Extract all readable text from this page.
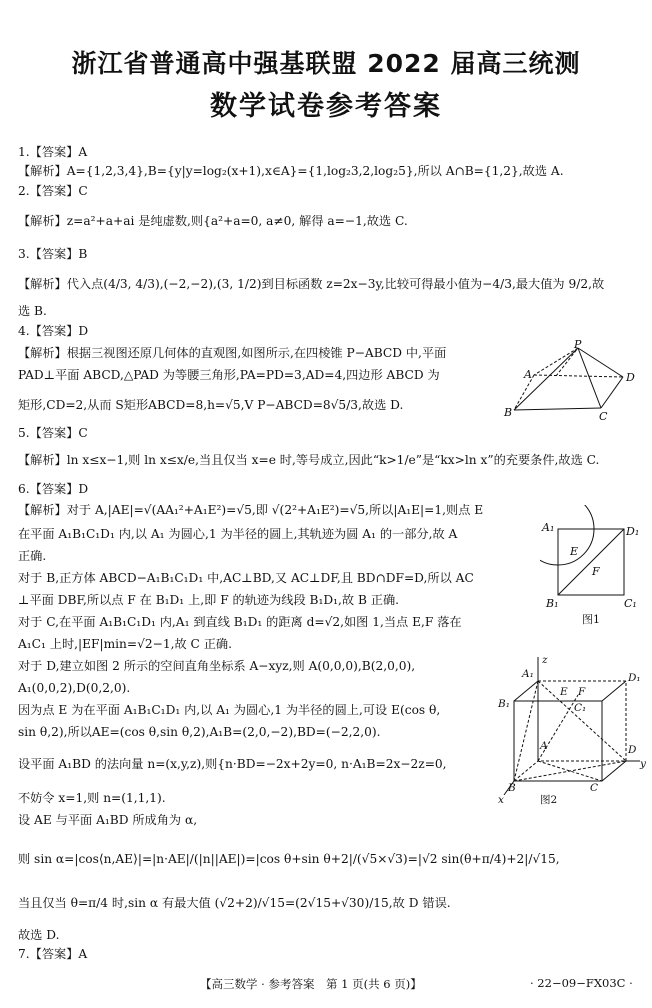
浙江省普通高中强基联盟 2022 届高三统测
数学试卷参考答案
1.【答案】A
【解析】A={1,2,3,4},B={y|y=log₂(x+1),x∈A}={1,log₂3,2,log₂5},所以 A∩B={1,2},故选 A.
2.【答案】C
【解析】z=a²+a+ai 是纯虚数,则{a²+a=0, a≠0, 解得 a=−1,故选 C.
3.【答案】B
【解析】代入点(4/3, 4/3),(−2,−2),(3, 1/2)到目标函数 z=2x−3y,比较可得最小值为−4/3,最大值为 9/2,故
选 B.
4.【答案】D
【解析】根据三视图还原几何体的直观图,如图所示,在四棱锥 P−ABCD 中,平面
PAD⊥平面 ABCD,△PAD 为等腰三角形,PA=PD=3,AD=4,四边形 ABCD 为
矩形,CD=2,从而 S矩形ABCD=8,h=√5,V P−ABCD=8√5/3,故选 D.
5.【答案】C
【解析】ln x≤x−1,则 ln x≤x/e,当且仅当 x=e 时,等号成立,因此“k>1/e”是“kx>ln x”的充要条件,故选 C.
6.【答案】D
【解析】对于 A,|AE|=√(AA₁²+A₁E²)=√5,即 √(2²+A₁E²)=√5,所以|A₁E|=1,则点 E
在平面 A₁B₁C₁D₁ 内,以 A₁ 为圆心,1 为半径的圆上,其轨迹为圆 A₁ 的一部分,故 A
正确.
对于 B,正方体 ABCD−A₁B₁C₁D₁ 中,AC⊥BD,又 AC⊥DF,且 BD∩DF=D,所以 AC
⊥平面 DBF,所以点 F 在 B₁D₁ 上,即 F 的轨迹为线段 B₁D₁,故 B 正确.
对于 C,在平面 A₁B₁C₁D₁ 内,A₁ 到直线 B₁D₁ 的距离 d=√2,如图 1,当点 E,F 落在
A₁C₁ 上时,|EF|min=√2−1,故 C 正确.
对于 D,建立如图 2 所示的空间直角坐标系 A−xyz,则 A(0,0,0),B(2,0,0),
A₁(0,0,2),D(0,2,0).
因为点 E 为在平面 A₁B₁C₁D₁ 内,以 A₁ 为圆心,1 为半径的圆上,可设 E(cos θ,
sin θ,2),所以AE=(cos θ,sin θ,2),A₁B=(2,0,−2),BD=(−2,2,0).
设平面 A₁BD 的法向量 n=(x,y,z),则{n·BD=−2x+2y=0, n·A₁B=2x−2z=0,
不妨令 x=1,则 n=(1,1,1).
设 AE 与平面 A₁BD 所成角为 α,
则 sin α=|cos⟨n,AE⟩|=|n·AE|/(|n||AE|)=|cos θ+sin θ+2|/(√5×√3)=|√2 sin(θ+π/4)+2|/√15,
当且仅当 θ=π/4 时,sin α 有最大值 (√2+2)/√15=(2√15+√30)/15,故 D 错误.
故选 D.
7.【答案】A
P
A	D
B	C
A₁	D₁
E
F
B₁	C₁
图1
z
A₁	D₁
E F
B₁	C₁
A	D
y
B	C
x	图2
【高三数学 · 参考答案　第 1 页(共 6 页)】	· 22−09−FX03C ·
